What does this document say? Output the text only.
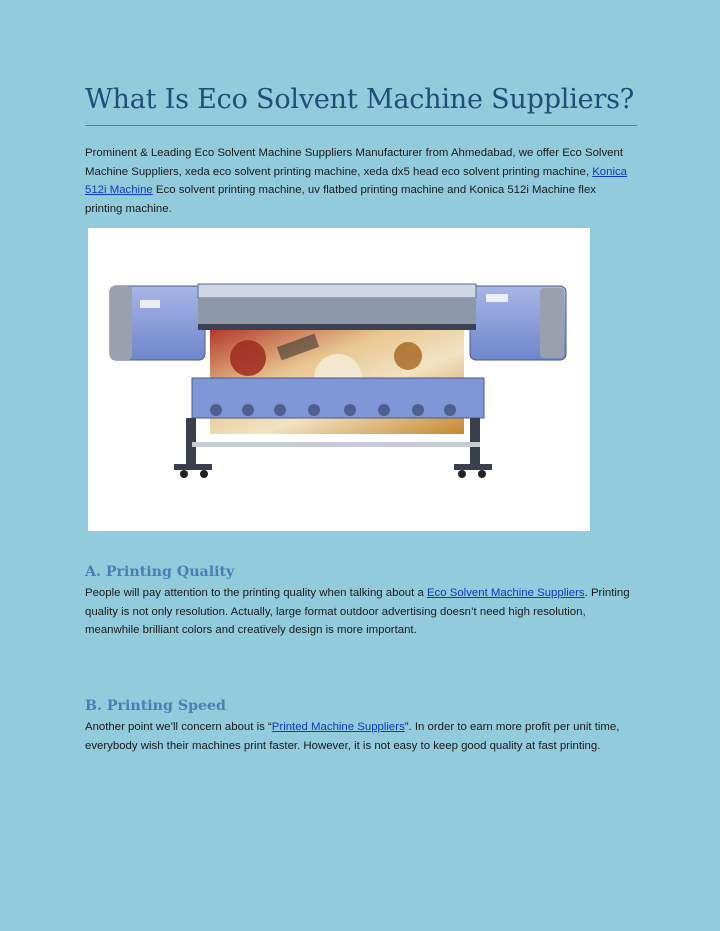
What Is Eco Solvent Machine Suppliers?

Prominent & Leading Eco Solvent Machine Suppliers Manufacturer from Ahmedabad, we offer Eco Solvent Machine Suppliers, xeda eco solvent printing machine, xeda dx5 head eco solvent printing machine, Konica 512i Machine Eco solvent printing machine, uv flatbed printing machine and Konica 512i Machine flex printing machine.

A. Printing Quality

People will pay attention to the printing quality when talking about a Eco Solvent Machine Suppliers. Printing quality is not only resolution. Actually, large format outdoor advertising doesn’t need high resolution, meanwhile brilliant colors and creatively design is more important.

B. Printing Speed

Another point we’ll concern about is “Printed Machine Suppliers”. In order to earn more profit per unit time, everybody wish their machines print faster. However, it is not easy to keep good quality at fast printing.
